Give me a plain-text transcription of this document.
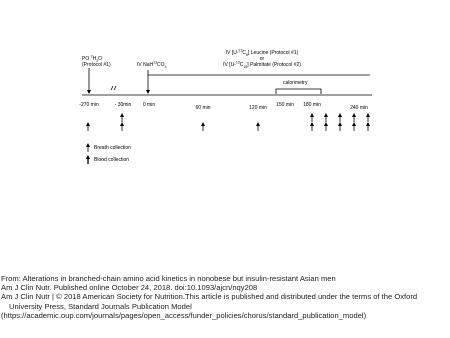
PO $^2H_2O$
(Protocol #1)	IV $NaH^{13}CO_3$
IV $[U-^{13}C_6]$ Leucine (Protocol #1)
or
IV $[U-^{13}C_{16}]$ Palmitate (Protocol #2)
calorimetry
-270 min	- 30min 0 min	60 min	120 min 150 min 180 min	240 min
Breath collection
Blood collection
From: Alterations in branched-chain amino acid kinetics in nonobese but insulin-resistant Asian men
Am J Clin Nutr. Published online October 24, 2018. doi:10.1093/ajcn/nqy208
Am J Clin Nutr | © 2018 American Society for Nutrition.This article is published and distributed under the terms of the Oxford
University Press, Standard Journals Publication Model
(https://academic.oup.com/journals/pages/open_access/funder_policies/chorus/standard_publication_model)
